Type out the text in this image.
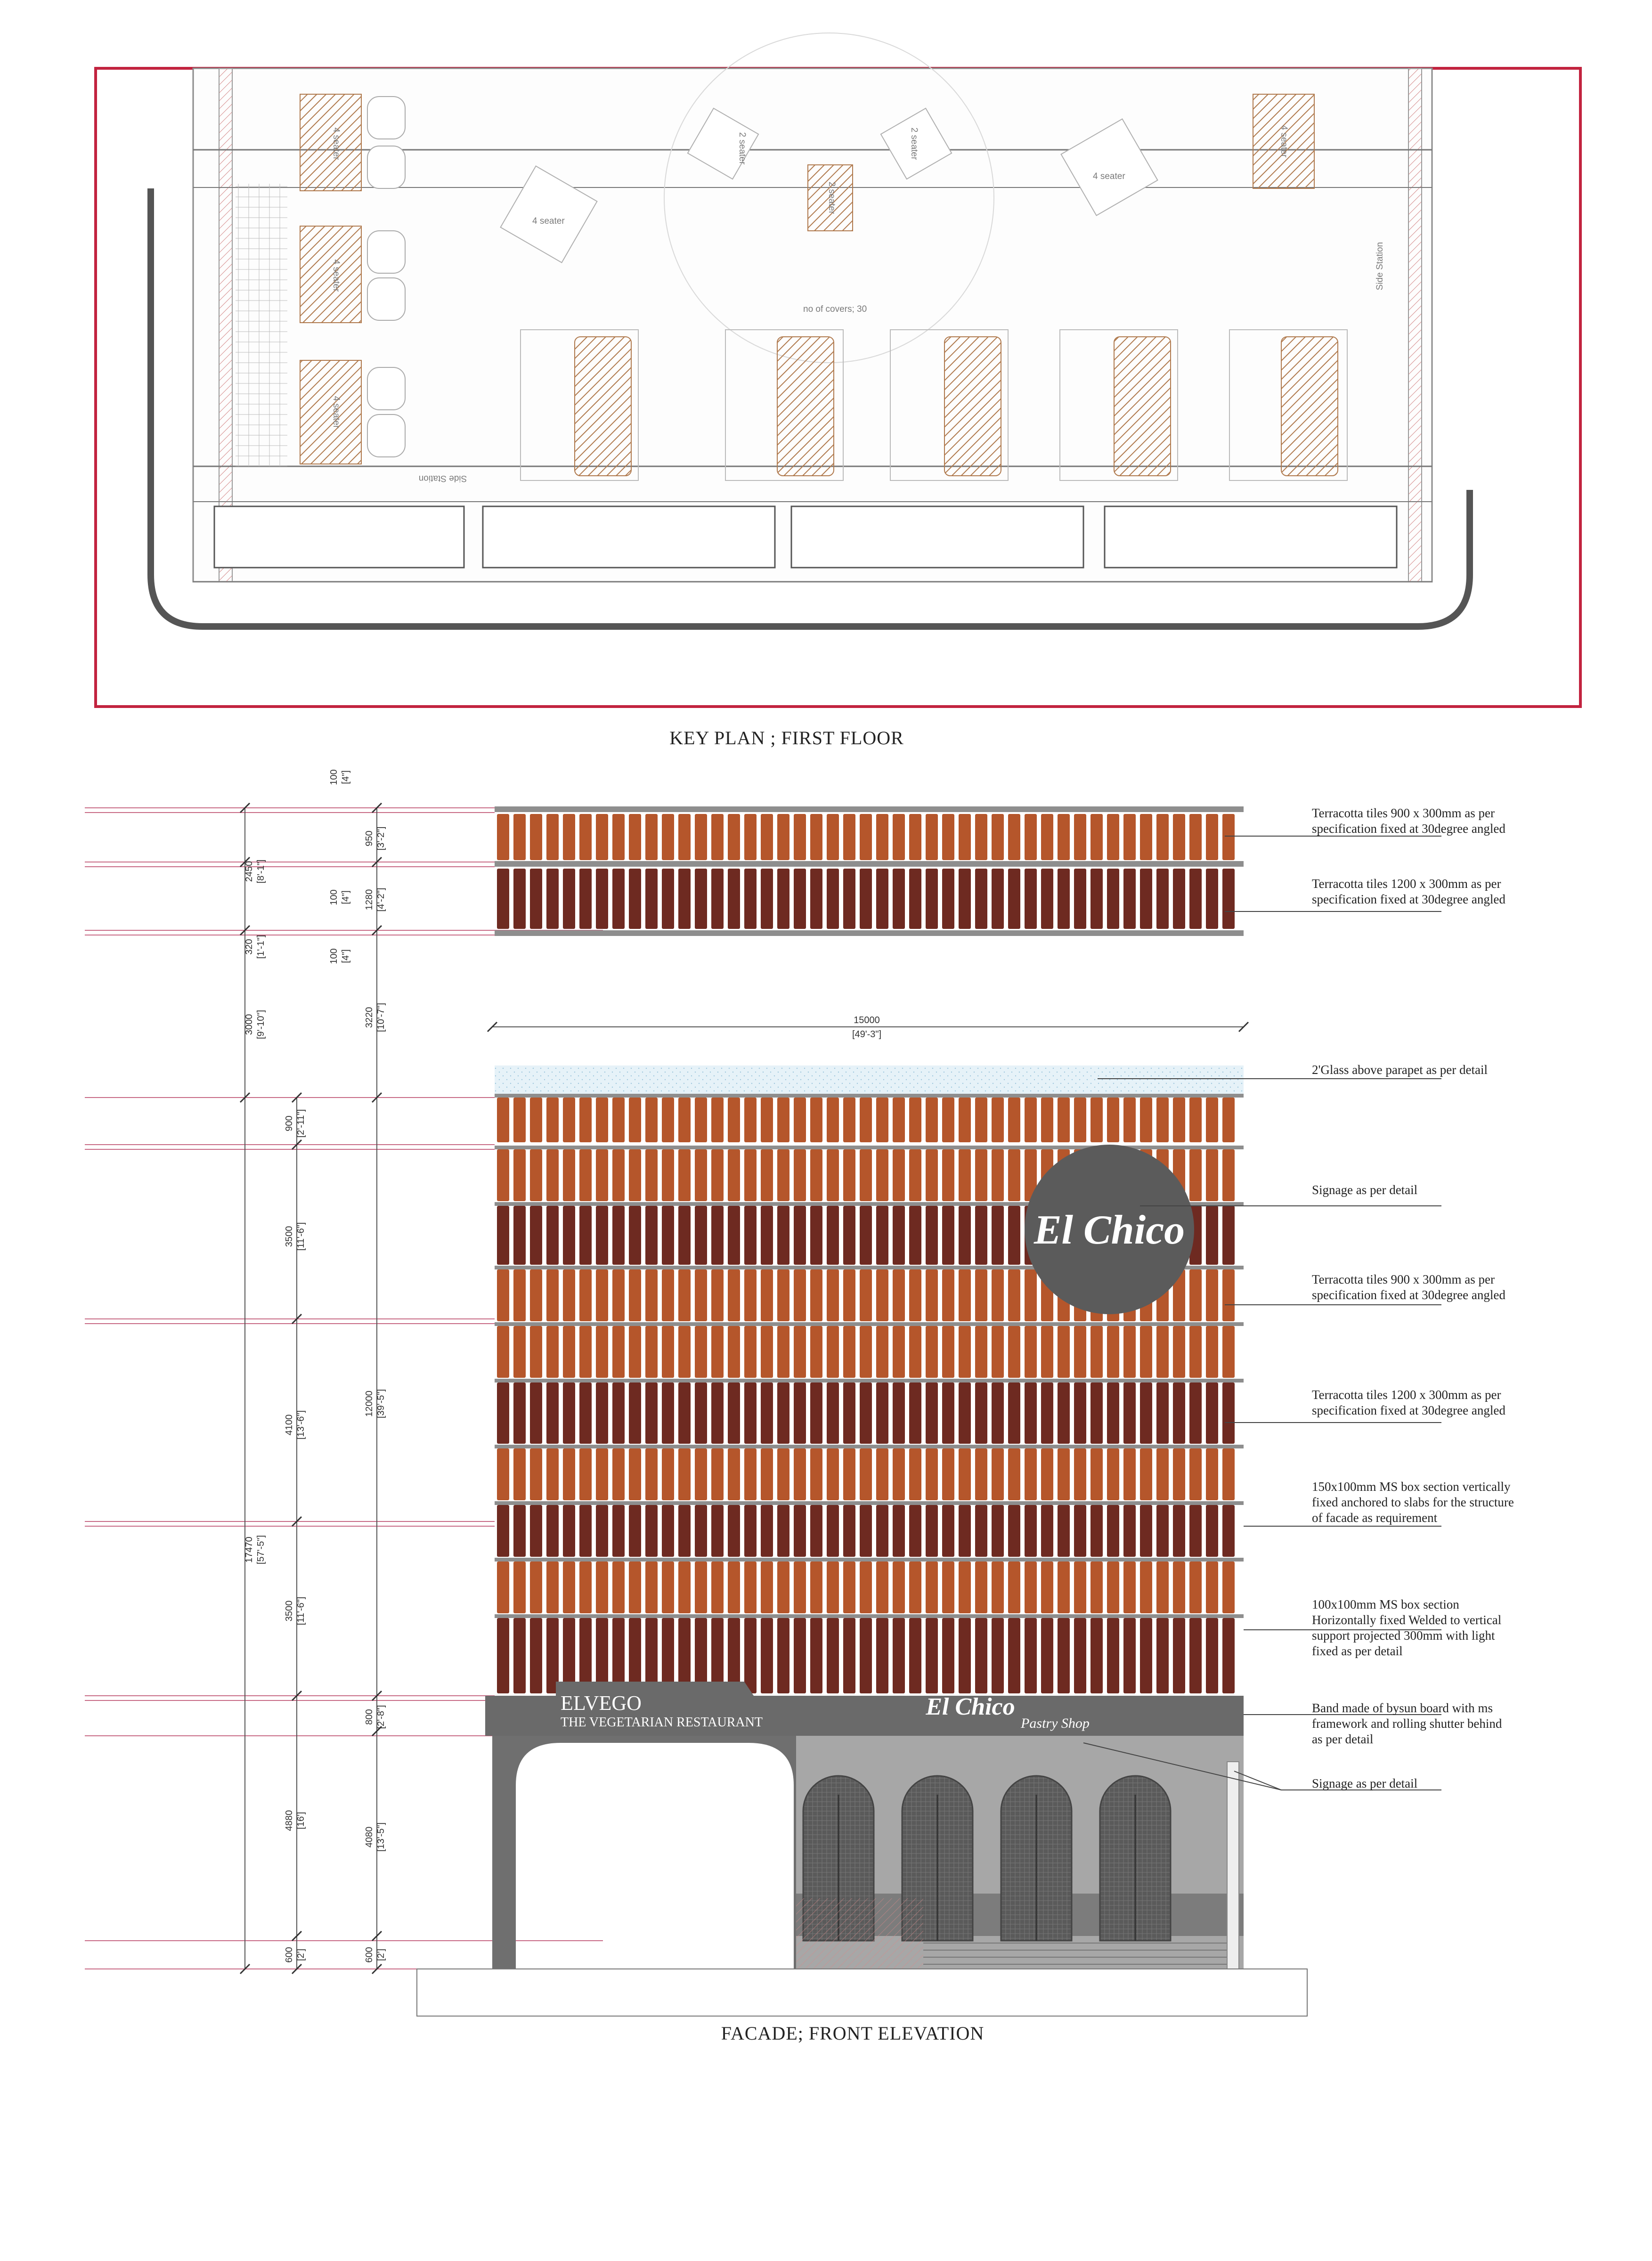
4 seater
4 seater
4 seater
4 seater
2 seater
2 seater
2 seater
4 seater
4 seater
no of covers; 30
Side Station
Side Station
KEY PLAN ; FIRST FLOOR
17470 [57'-5"]
2450 [8'-1"]
320 [1'-1"]
3000 [9'-10"]
900 [2'-11"]
3500 [11'-6"]
4100 [13'-6"]
3500 [11'-6"]
4880 [16']
600 [2']
100 [4"]
950 [3'-2"]
100 [4"] 1280 [4'-2"]
100 [4"]
3220 [10'-7"]
12000 [39'-5"]
800 [2'-8"]
4080 [13'-5"]
600 [2']
15000
[49'-3"]
El Chico
ELVEGO
THE VEGETARIAN RESTAURANT
El Chico
Pastry Shop
Terracotta tiles 900 x 300mm as per
specification fixed at 30degree angled
Terracotta tiles 1200 x 300mm as per
specification fixed at 30degree angled
2'Glass above parapet as per detail
Signage as per detail
Terracotta tiles 900 x 300mm as per
specification fixed at 30degree angled
Terracotta tiles 1200 x 300mm as per
specification fixed at 30degree angled
150x100mm MS box section vertically
fixed anchored to slabs for the structure
of facade as requirement
100x100mm MS box section
Horizontally fixed Welded to vertical
support projected 300mm with light
fixed as per detail
Band made of bysun board with ms
framework and rolling shutter behind
as per detail
Signage as per detail
FACADE; FRONT ELEVATION
